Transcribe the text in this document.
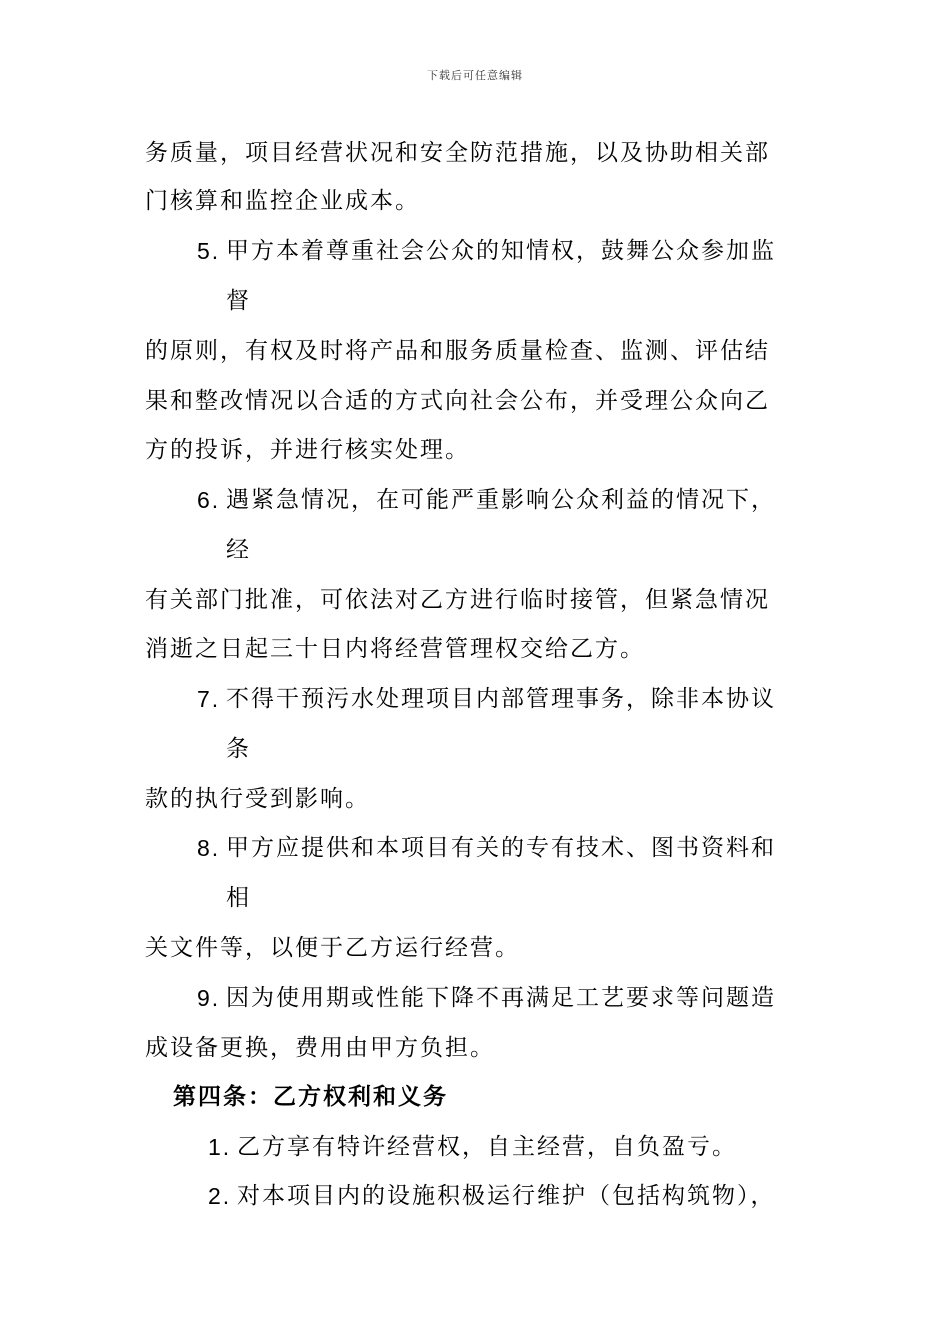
下载后可任意编辑
务质量，项目经营状况和安全防范措施，以及协助相关部
门核算和监控企业成本。
5. 甲方本着尊重社会公众的知情权，鼓舞公众参加监
督
的原则，有权及时将产品和服务质量检查、监测、评估结
果和整改情况以合适的方式向社会公布，并受理公众向乙
方的投诉，并进行核实处理。
6. 遇紧急情况，在可能严重影响公众利益的情况下，
经
有关部门批准，可依法对乙方进行临时接管，但紧急情况
消逝之日起三十日内将经营管理权交给乙方。
7. 不得干预污水处理项目内部管理事务，除非本协议
条
款的执行受到影响。
8. 甲方应提供和本项目有关的专有技术、图书资料和
相
关文件等，以便于乙方运行经营。
9. 因为使用期或性能下降不再满足工艺要求等问题造
成设备更换，费用由甲方负担。
第四条：乙方权利和义务
1. 乙方享有特许经营权，自主经营，自负盈亏。
2. 对本项目内的设施积极运行维护（包括构筑物），
